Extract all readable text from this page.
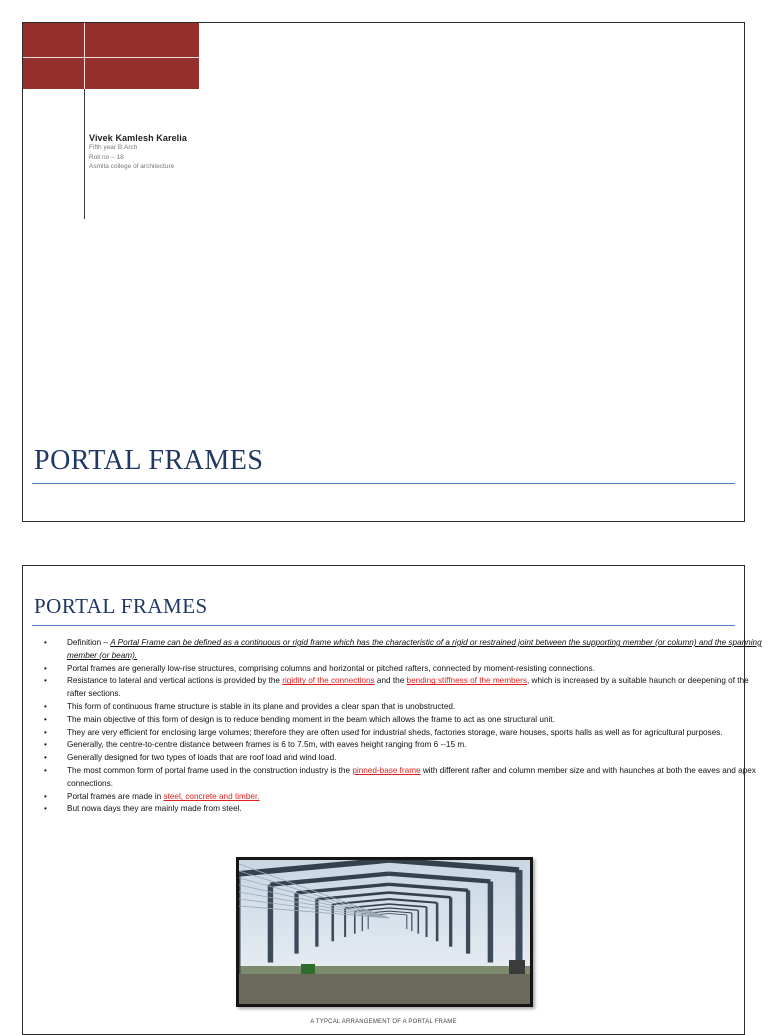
Vivek Kamlesh Karelia
Fifth year B.Arch
Roll no – 18
Asmita college of architecture
PORTAL FRAMES
PORTAL FRAMES
• Definition – A Portal Frame can be defined as a continuous or rigid frame which has the characteristic of a rigid or restrained joint between the supporting member (or column) and the spanning member (or beam).
• Portal frames are generally low-rise structures, comprising columns and horizontal or pitched rafters, connected by moment-resisting connections.
• Resistance to lateral and vertical actions is provided by the rigidity of the connections and the bending stiffness of the members, which is increased by a suitable haunch or deepening of the rafter sections.
• This form of continuous frame structure is stable in its plane and provides a clear span that is unobstructed.
• The main objective of this form of design is to reduce bending moment in the beam which allows the frame to act as one structural unit.
• They are very efficient for enclosing large volumes; therefore they are often used for industrial sheds, factories storage, ware houses, sports halls as well as for agricultural purposes.
• Generally, the centre-to-centre distance between frames is 6 to 7.5m, with eaves height ranging from 6 --15 m.
• Generally designed for two types of loads that are roof load and wind load.
• The most common form of portal frame used in the construction industry is the pinned-base frame with different rafter and column member size and with haunches at both the eaves and apex connections.
• Portal frames are made in steel, concrete and timber.
• But nowa days they are mainly made from steel.
A TYPCAL ARRANGEMENT OF A PORTAL FRAME
